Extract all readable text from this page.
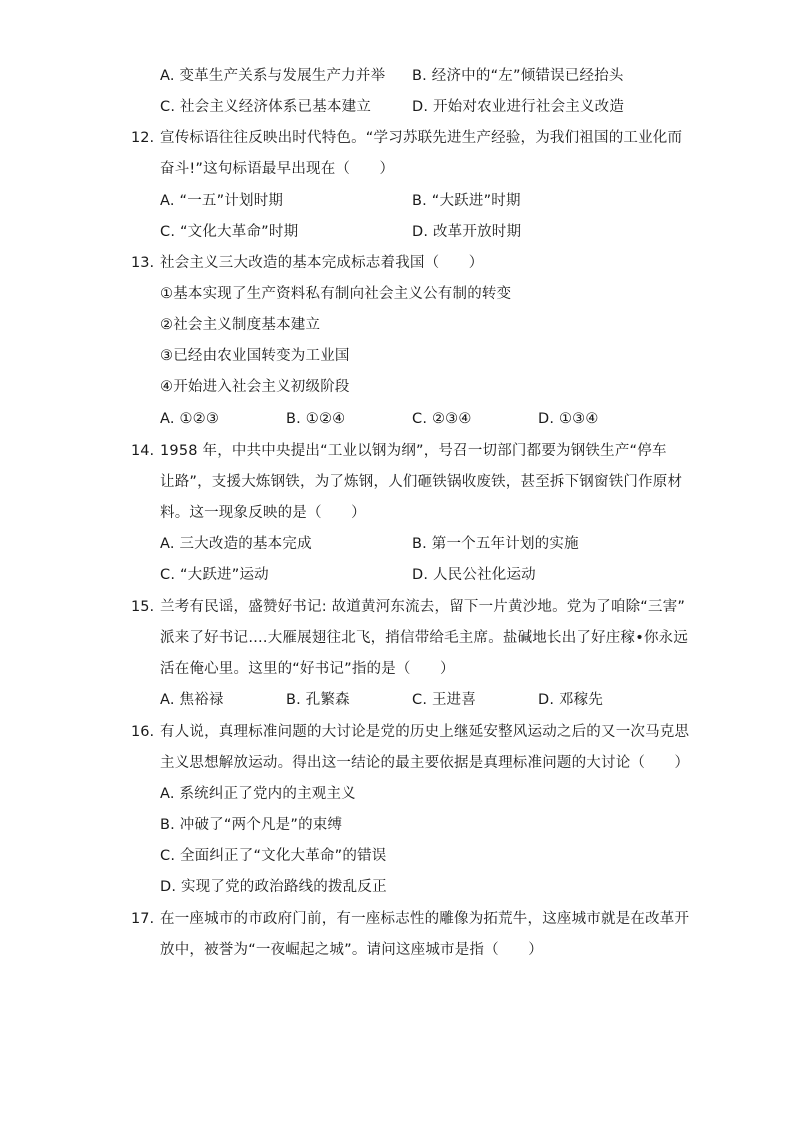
A. 变革生产关系与发展生产力并举 B. 经济中的“左”倾错误已经抬头
C. 社会主义经济体系已基本建立	D. 开始对农业进行社会主义改造
12. 宣传标语往往反映出时代特色。“学习苏联先进生产经验，为我们祖国的工业化而
奋斗!”这句标语最早出现在（　　）
A. “一五”计划时期	B. “大跃进”时期
C. “文化大革命”时期	D. 改革开放时期
13. 社会主义三大改造的基本完成标志着我国（　　）
①基本实现了生产资料私有制向社会主义公有制的转变
②社会主义制度基本建立
③已经由农业国转变为工业国
④开始进入社会主义初级阶段
A. ①②③	B. ①②④	C. ②③④	D. ①③④
14. 1958 年，中共中央提出“工业以钢为纲”，号召一切部门都要为钢铁生产“停车
让路”，支援大炼钢铁，为了炼钢，人们砸铁锅收废铁，甚至拆下钢窗铁门作原材
料。这一现象反映的是（　　）
A. 三大改造的基本完成	B. 第一个五年计划的实施
C. “大跃进”运动	D. 人民公社化运动
15. 兰考有民谣，盛赞好书记: 故道黄河东流去，留下一片黄沙地。党为了咱除“三害”
派来了好书记….大雁展翅往北飞，捎信带给毛主席。盐碱地长出了好庄稼•你永远
活在俺心里。这里的“好书记”指的是（　　）
A. 焦裕禄	B. 孔繁森	C. 王进喜	D. 邓稼先
16. 有人说，真理标准问题的大讨论是党的历史上继延安整风运动之后的又一次马克思
主义思想解放运动。得出这一结论的最主要依据是真理标准问题的大讨论（　　）
A. 系统纠正了党内的主观主义
B. 冲破了“两个凡是”的束缚
C. 全面纠正了“文化大革命”的错误
D. 实现了党的政治路线的拨乱反正
17. 在一座城市的市政府门前，有一座标志性的雕像为拓荒牛，这座城市就是在改革开
放中，被誉为“一夜崛起之城”。请问这座城市是指（　　）
